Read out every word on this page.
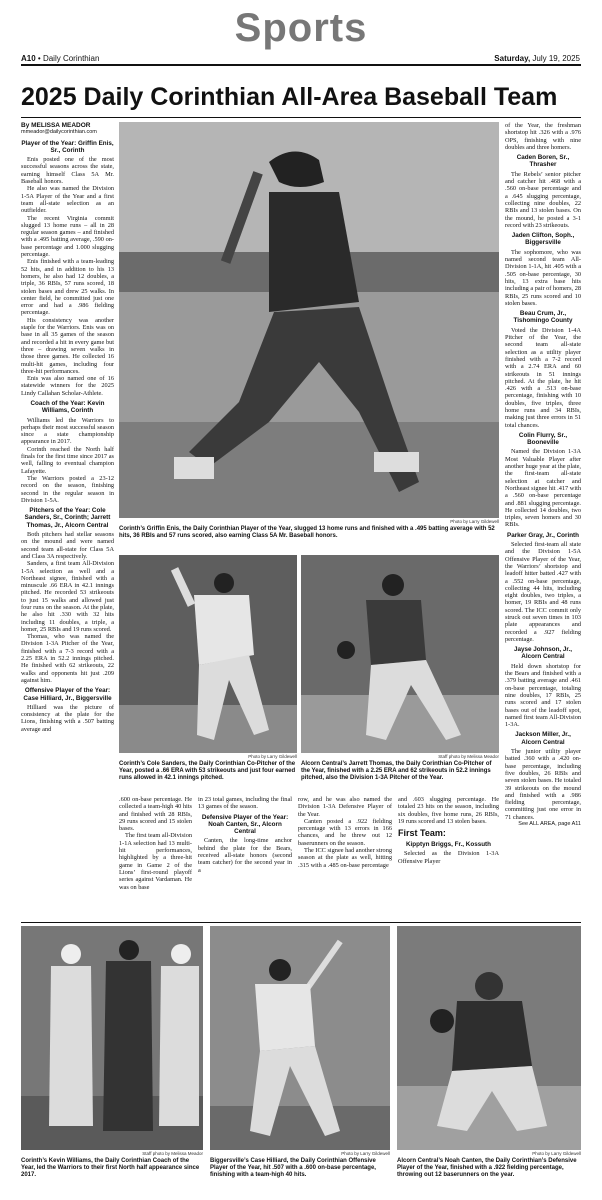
Sports
A10 • Daily Corinthian	Saturday, July 19, 2025
2025 Daily Corinthian All-Area Baseball Team

By MELISSA MEADOR

mmeador@dailycorinthian.com

Player of the Year: Griffin Enis, Sr., Corinth

Enis posted one of the most successful seasons across the state, earning himself Class 5A Mr. Baseball honors.

He also was named the Division 1-5A Player of the Year and a first team all-state selection as an outfielder.

The recent Virginia commit slugged 13 home runs – all in 28 regular season games – and finished with a .495 batting average, .590 on-base percentage and 1.000 slugging percentage.

Enis finished with a team-leading 52 hits, and in addition to his 13 homers, he also had 12 doubles, a triple, 36 RBIs, 57 runs scored, 18 stolen bases and drew 25 walks. In center field, he committed just one error and had a .986 fielding percentage.

His consistency was another staple for the Warriors. Enis was on base in all 35 games of the season and recorded a hit in every game but three – drawing seven walks in those three games. He collected 16 multi-hit games, including four three-hit performances.

Enis was also named one of 16 statewide winners for the 2025 Lindy Callahan Scholar-Athlete.

Coach of the Year: Kevin Williams, Corinth

Williams led the Warriors to perhaps their most successful season since a state championship appearance in 2017.

Corinth reached the North half finals for the first time since 2017 as well, falling to eventual champion Lafayette.

The Warriors posted a 23-12 record on the season, finishing second in the regular season in Division 1-5A.

Pitchers of the Year: Cole Sanders, Sr., Corinth; Jarrett Thomas, Jr., Alcorn Central

Both pitchers had stellar seasons on the mound and were named second team all-state for Class 5A and Class 3A respectively.

Sanders, a first team All-Division 1-5A selection as well and a Northeast signee, finished with a minuscule .66 ERA in 42.1 innings pitched. He recorded 53 strikeouts to just 15 walks and allowed just four runs on the season. At the plate, he also hit .330 with 32 hits including 11 doubles, a triple, a homer, 25 RBIs and 19 runs scored.

Thomas, who was named the Division 1-3A Pitcher of the Year, finished with a 7-3 record with a 2.25 ERA in 52.2 innings pitched. He finished with 62 strikeouts, 22 walks and opponents hit just .209 against him.

Offensive Player of the Year: Case Hilliard, Jr., Biggersville

Hilliard was the picture of consistency at the plate for the Lions, finishing with a .507 batting average and

Photo by Larry Gildewell
Corinth’s Griffin Enis, the Daily Corinthian Player of the Year, slugged 13 home runs and finished with a .495 batting average with 52 hits, 36 RBIs and 57 runs scored, also earning Class 5A Mr. Baseball honors.
Photo by Larry Gildewell
Corinth’s Cole Sanders, the Daily Corinthian Co-Pitcher of the Year, posted a .66 ERA with 53 strikeouts and just four earned runs allowed in 42.1 innings pitched.
Staff photo by Melissa Meador
Alcorn Central’s Jarrett Thomas, the Daily Corinthian Co-Pitcher of the Year, finished with a 2.25 ERA and 62 strikeouts in 52.2 innings pitched, also the Division 1-3A Pitcher of the Year.

.600 on-base percentage. He collected a team-high 40 hits and finished with 28 RBIs, 29 runs scored and 15 stolen bases.

The first team all-Division 1-1A selection had 13 multi-hit performances, highlighted by a three-hit game in Game 2 of the Lions’ first-round playoff series against Vardaman. He was on base

in 23 total games, including the final 13 games of the season.

Defensive Player of the Year: Noah Canten, Sr., Alcorn Central

Canten, the long-time anchor behind the plate for the Bears, received all-state honors (second team catcher) for the second year in a

row, and he was also named the Division 1-3A Defensive Player of the Year.

Canten posted a .922 fielding percentage with 13 errors in 166 chances, and he threw out 12 baserunners on the season.

The ICC signee had another strong season at the plate as well, hitting .315 with a .485 on-base percentage

and .603 slugging percentage. He totaled 23 hits on the season, including six doubles, five home runs, 26 RBIs, 19 runs scored and 13 stolen bases.

First Team:

Kipptyn Briggs, Fr., Kossuth

Selected as the Division 1-3A Offensive Player

of the Year, the freshman shortstop hit .326 with a .976 OPS, finishing with nine doubles and three homers.

Caden Boren, Sr., Thrasher

The Rebels’ senior pitcher and catcher hit .468 with a .560 on-base percentage and a .645 slugging percentage, collecting nine doubles, 22 RBIs and 13 stolen bases. On the mound, he posted a 3-1 record with 23 strikeouts.

Jaden Clifton, Soph., Biggersville

The sophomore, who was named second team All-Division 1-1A, hit .405 with a .505 on-base percentage, 30 hits, 13 extra base hits including a pair of homers, 28 RBIs, 25 runs scored and 10 stolen bases.

Beau Crum, Jr., Tishomingo County

Voted the Division 1-4A Pitcher of the Year, the second team all-state selection as a utility player finished with a 7-2 record with a 2.74 ERA and 60 strikeouts in 51 innings pitched. At the plate, he hit .426 with a .513 on-base percentage, finishing with 10 doubles, five triples, three home runs and 34 RBIs, making just three errors in 51 total chances.

Colin Flurry, Sr., Booneville

Named the Division 1-3A Most Valuable Player after another huge year at the plate, the first-team all-state selection at catcher and Northeast signee hit .417 with a .560 on-base percentage and .881 slugging percentage. He collected 14 doubles, two triples, seven homers and 30 RBIs.

Parker Gray, Jr., Corinth

Selected first-team all state and the Division 1-5A Offensive Player of the Year, the Warriors’ shortstop and leadoff hitter batted .427 with a .552 on-base percentage, collecting 44 hits, including eight doubles, two triples, a homer, 19 RBIs and 48 runs scored. The ICC commit only struck out seven times in 103 plate appearances and recorded a .927 fielding percentage.

Jayse Johnson, Jr., Alcorn Central

Held down shortstop for the Bears and finished with a .379 batting average and .461 on-base percentage, totaling nine doubles, 17 RBIs, 25 runs scored and 17 stolen bases out of the leadoff spot, named first team All-Division 1-3A.

Jackson Miller, Jr., Alcorn Central

The junior utility player batted .360 with a .420 on-base percentage, including five doubles, 26 RBIs and seven stolen bases. He totaled 39 strikeouts on the mound and finished with a .986 fielding percentage, committing just one error in 71 chances.

See ALL AREA, page A11

Staff photo by Melissa Meador
Corinth’s Kevin Williams, the Daily Corinthian Coach of the Year, led the Warriors to their first North half appearance since 2017.
Photo by Larry Gildewell
Biggersville’s Case Hilliard, the Daily Corinthian Offensive Player of the Year, hit .507 with a .600 on-base percentage, finishing with a team-high 40 hits.
Photo by Larry Gildewell
Alcorn Central’s Noah Canten, the Daily Corinthian’s Defensive Player of the Year, finished with a .922 fielding percentage, throwing out 12 baserunners on the year.
